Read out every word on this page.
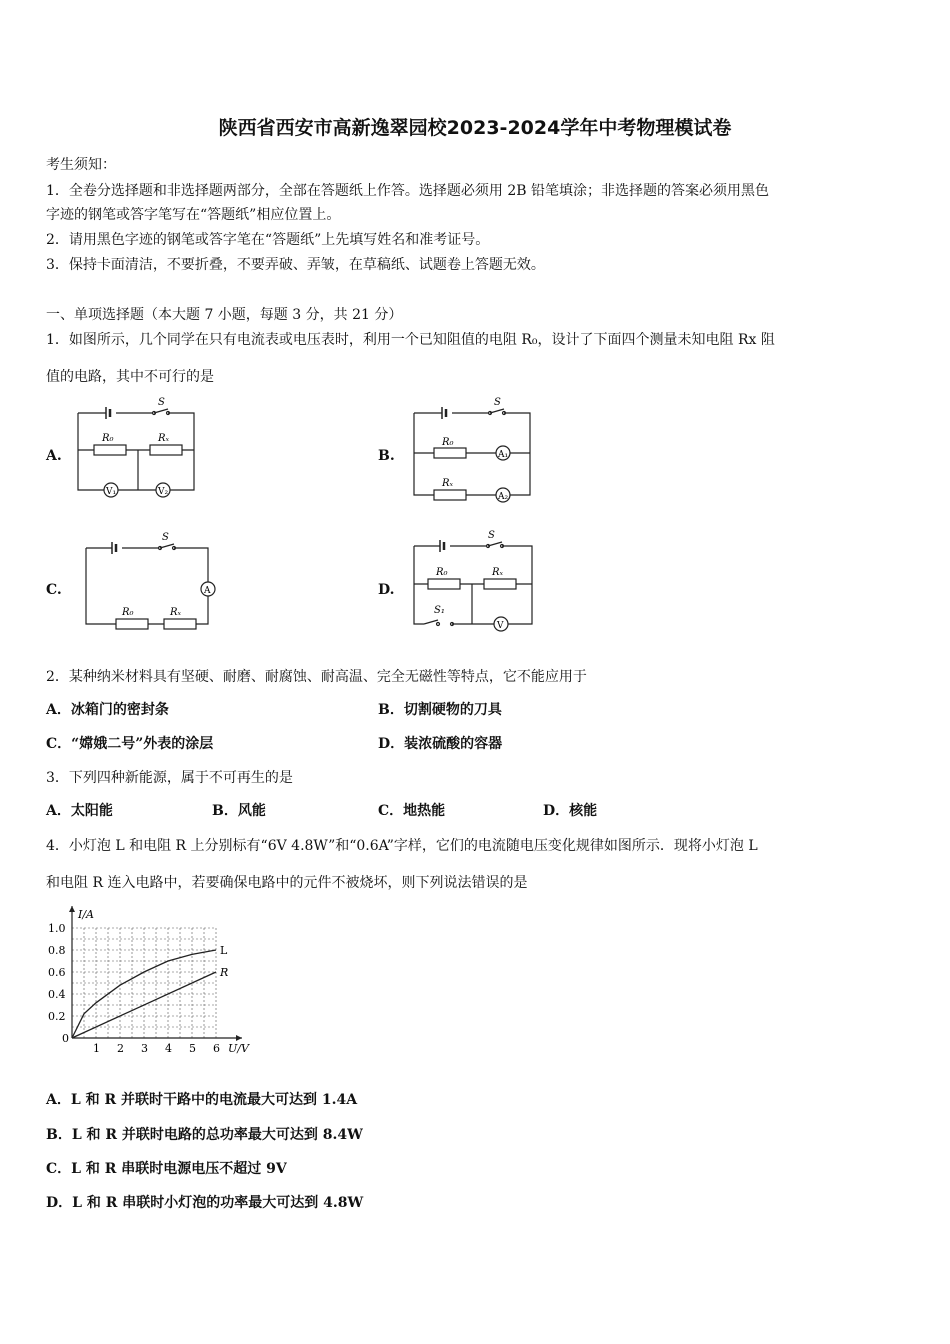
陕西省西安市高新逸翠园校2023-2024学年中考物理模试卷
考生须知：
1．全卷分选择题和非选择题两部分，全部在答题纸上作答。选择题必须用 2B 铅笔填涂；非选择题的答案必须用黑色
字迹的钢笔或答字笔写在“答题纸”相应位置上。
2．请用黑色字迹的钢笔或答字笔在“答题纸”上先填写姓名和准考证号。
3．保持卡面清洁，不要折叠，不要弄破、弄皱，在草稿纸、试题卷上答题无效。
一、单项选择题（本大题 7 小题，每题 3 分，共 21 分）
1．如图所示，几个同学在只有电流表或电压表时，利用一个已知阻值的电阻 R₀，设计了下面四个测量未知电阻 Rx 阻
值的电路，其中不可行的是
A.
S
R₀	Rₓ
V₁	V₂
B.
S
R₀
Rₓ
A₁
A₂
C.
S
R₀	Rₓ
A	D.
S
R₀	Rₓ
S₁
V
2．某种纳米材料具有坚硬、耐磨、耐腐蚀、耐高温、完全无磁性等特点，它不能应用于
A．冰箱门的密封条	B．切割硬物的刀具
C．“嫦娥二号”外表的涂层	D．装浓硫酸的容器
3．下列四种新能源，属于不可再生的是
A．太阳能	B．风能	C．地热能	D．核能
4．小灯泡 L 和电阻 R 上分别标有“6V 4.8W”和“0.6A”字样，它们的电流随电压变化规律如图所示．现将小灯泡 L
和电阻 R 连入电路中，若要确保电路中的元件不被烧坏，则下列说法错误的是
U/V
I/A
0
1 2 3 4 5 6
0.2
0.4
0.6
0.8
1.0
L
R
A．L 和 R 并联时干路中的电流最大可达到 1.4A
B．L 和 R 并联时电路的总功率最大可达到 8.4W
C．L 和 R 串联时电源电压不超过 9V
D．L 和 R 串联时小灯泡的功率最大可达到 4.8W
